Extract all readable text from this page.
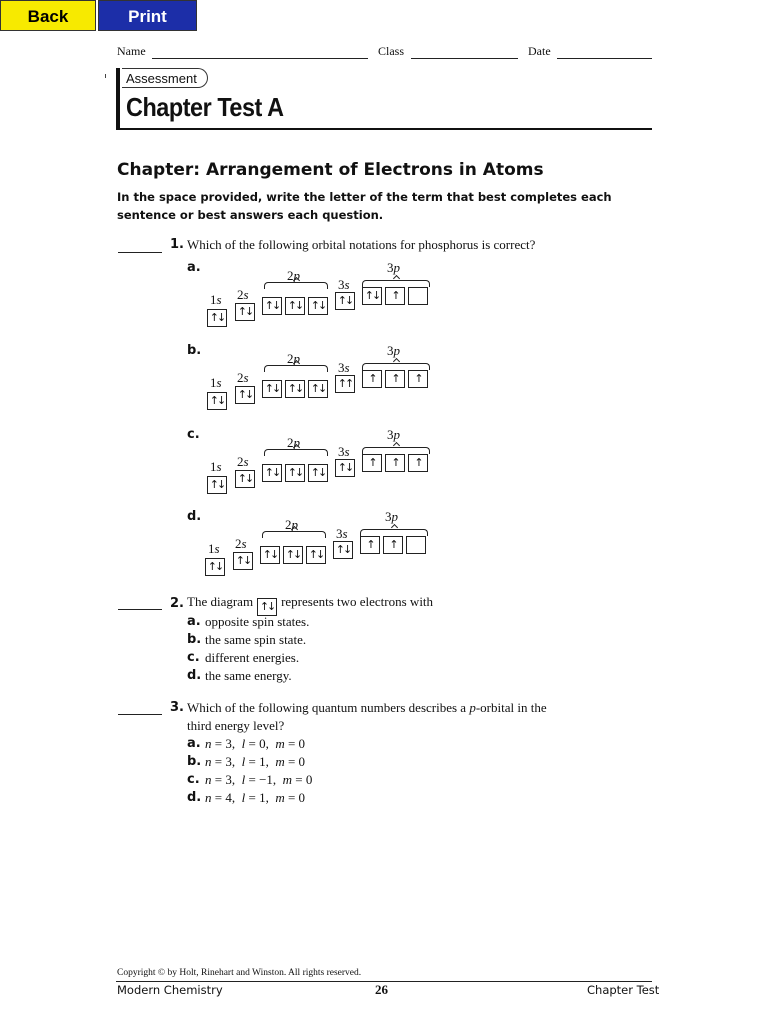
Back	Print
Name	Class	Date
Assessment
Chapter Test A
Chapter: Arrangement of Electrons in Atoms
In the space provided, write the letter of the term that best completes each sentence or best answers each question.
1. Which of the following orbital notations for phosphorus is correct?
a.
1s 2s
2p
3s
3p
↑↓ ↑↓ ↑↓ ↑↓ ↑↓ ↑↓ ↑↓	↑
b.
1s 2s
2p
3s
3p
↑↓ ↑↓ ↑↓ ↑↓ ↑↓ ↑↑	↑	↑	↑
c.
1s 2s
2p
3s
3p
↑↓ ↑↓ ↑↓ ↑↓ ↑↓ ↑↓	↑	↑	↑
d.
1s 2s
2p
3s
3p
↑↓ ↑↓ ↑↓ ↑↓ ↑↓ ↑↓	↑	↑
2. The diagram ↑↓ represents two electrons with
a. opposite spin states.
b. the same spin state.
c. different energies.
d. the same energy.
3. Which of the following quantum numbers describes a p-orbital in the
third energy level?
a. n = 3,  l = 0,  m = 0
b. n = 3,  l = 1,  m = 0
c. n = 3,  l = −1,  m = 0
d. n = 4,  l = 1,  m = 0
Copyright © by Holt, Rinehart and Winston. All rights reserved.
Modern Chemistry	26	Chapter Test
